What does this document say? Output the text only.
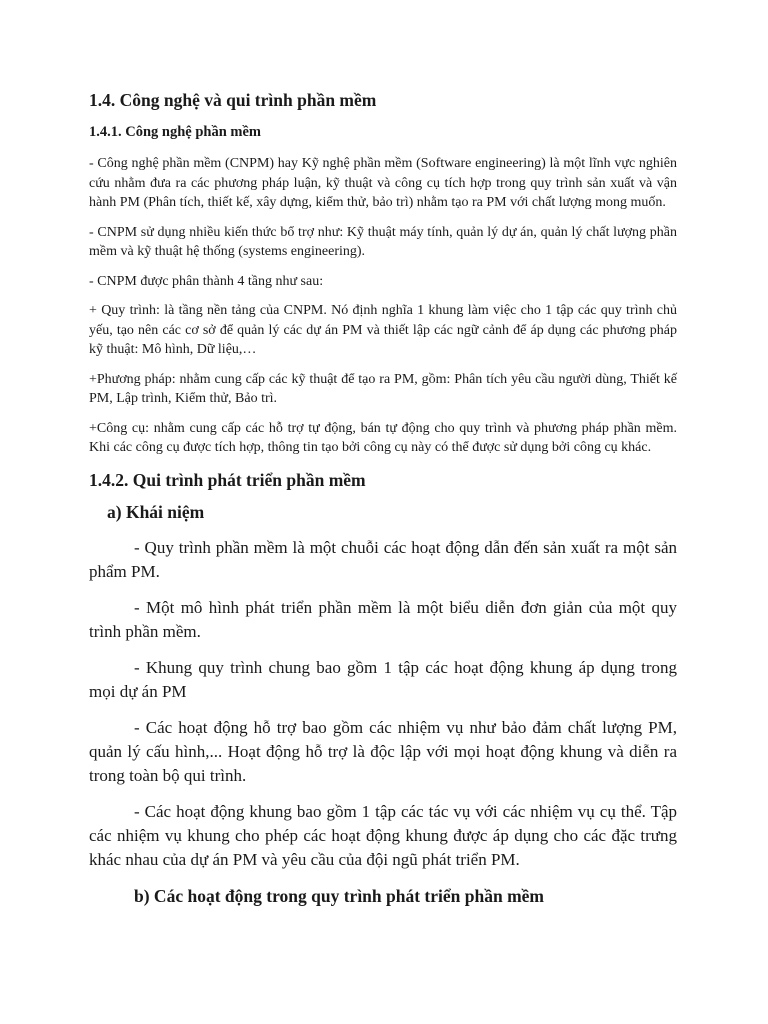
1.4. Công nghệ và qui trình phần mềm
1.4.1. Công nghệ phần mềm

- Công nghệ phần mềm (CNPM) hay Kỹ nghệ phần mềm (Software engineering) là một lĩnh vực nghiên cứu nhằm đưa ra các phương pháp luận, kỹ thuật và công cụ tích hợp trong quy trình sản xuất và vận hành PM (Phân tích, thiết kế, xây dựng, kiểm thử, bảo trì) nhằm tạo ra PM với chất lượng mong muốn.

- CNPM sử dụng nhiều kiến thức bổ trợ như: Kỹ thuật máy tính, quản lý dự án, quản lý chất lượng phần mềm và kỹ thuật hệ thống (systems engineering).

- CNPM được phân thành 4 tầng như sau:

+ Quy trình: là tầng nền tảng của CNPM. Nó định nghĩa 1 khung làm việc cho 1 tập các quy trình chủ yếu, tạo nên các cơ sở để quản lý các dự án PM và thiết lập các ngữ cảnh để áp dụng các phương pháp kỹ thuật: Mô hình, Dữ liệu,…

+Phương pháp: nhằm cung cấp các kỹ thuật để tạo ra PM, gồm: Phân tích yêu cầu người dùng, Thiết kế PM, Lập trình, Kiểm thử, Bảo trì.

+Công cụ: nhằm cung cấp các hỗ trợ tự động, bán tự động cho quy trình và phương pháp phần mềm. Khi các công cụ được tích hợp, thông tin tạo bởi công cụ này có thể được sử dụng bởi công cụ khác.

1.4.2. Qui trình phát triển phần mềm
a) Khái niệm

- Quy trình phần mềm là một chuỗi các hoạt động dẫn đến sản xuất ra một sản phẩm PM.

- Một mô hình phát triển phần mềm là một biểu diễn đơn giản của một quy trình phần mềm.

- Khung quy trình chung bao gồm 1 tập các hoạt động khung áp dụng trong mọi dự án PM

- Các hoạt động hỗ trợ bao gồm các nhiệm vụ như bảo đảm chất lượng PM, quản lý cấu hình,... Hoạt động hỗ trợ là độc lập với mọi hoạt động khung và diễn ra trong toàn bộ qui trình.

- Các hoạt động khung bao gồm 1 tập các tác vụ với các nhiệm vụ cụ thể. Tập các nhiệm vụ khung cho phép các hoạt động khung được áp dụng cho các đặc trưng khác nhau của dự án PM và yêu cầu của đội ngũ phát triển PM.

b) Các hoạt động trong quy trình phát triển phần mềm
